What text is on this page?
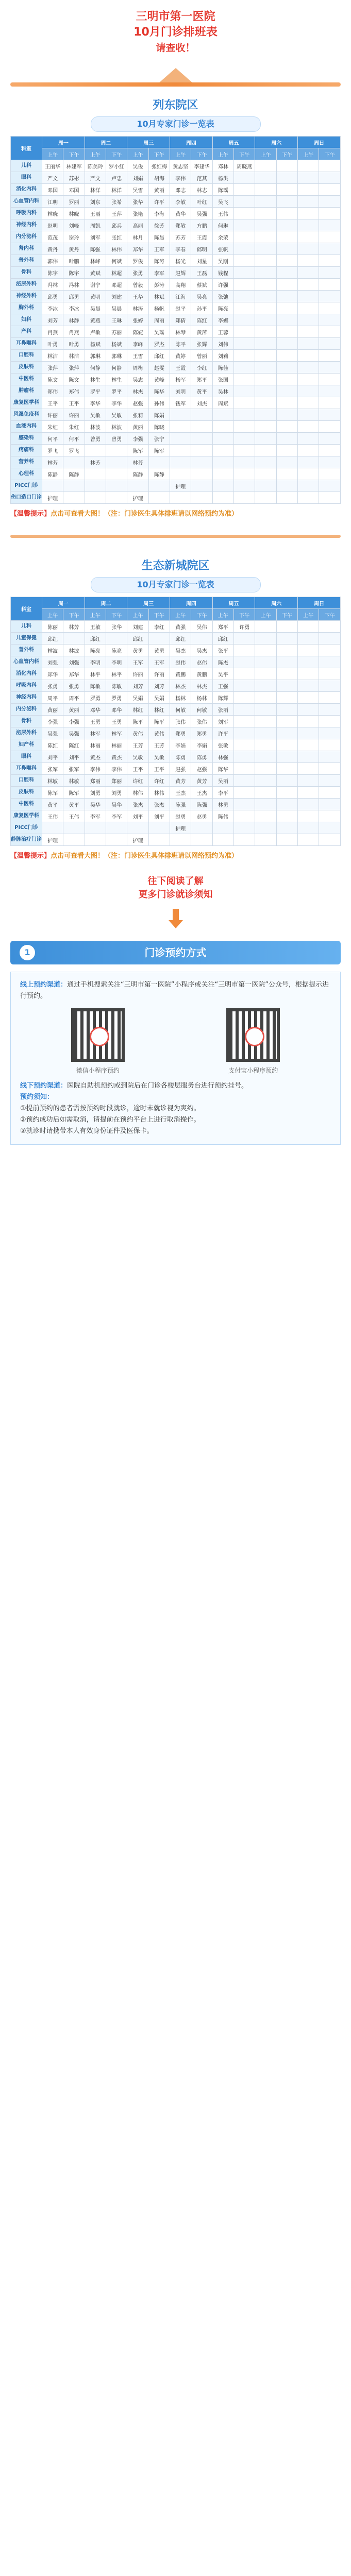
三明市第一医院
10月门诊排班表
请查收！
列东院区
10月专家门诊一览表
科室	周一		周二		周三		周四		周五		周六		周日	
	上午	下午	上午	下午	上午	下午	上午	下午	上午	下午	上午	下午	上午	下午
儿科	王丽华	林建军	陈美玲	罗小红	吴俊	张红梅	黄志坚	李建华	邓林	周晓燕				
眼科	严文	苏彬	严文	卢忠	刘娟	胡海	李伟	范其	杨洪					
消化内科	邓国	邓国	林洋	林洋	吴雪	黄丽	邓志	林志	陈瑶					
心血管内科	江明	罗丽	刘东	张希	张华	许平	李敏	叶红	吴飞					
呼吸内科	林晓	林晓	王丽	王萍	张艳	李海	黄华	吴强	王伟					
神经内科	赵明	刘峰	周凯	邱兵	高丽	徐芳	郑敏	方鹏	何琳					
内分泌科	范茂	谢玲	刘军	张红	林月	陈晨	苏芳	王霞	余荣					
肾内科	黄丹	黄丹	陈强	林伟	郑华	王军	李春	邱明	张帆					
普外科	郭伟	叶鹏	林峰	何斌	罗俊	陈涛	杨光	刘星	吴刚					
骨科	陈宇	陈宇	黄斌	林超	张勇	李军	赵辉	王磊	钱程					
泌尿外科	冯林	冯林	谢宁	邓超	曾毅	彭涛	高翔	蔡斌	许强					
神经外科	邱勇	邱勇	黄明	刘建	王华	林斌	江海	吴亮	张弛					
胸外科	李冰	李冰	吴晨	吴晨	林涛	杨帆	赵平	孙平	陈亮					
妇科	刘芳	林静	黄燕	王琳	张婷	周丽	郑倩	陈红	李娜					
产科	肖燕	肖燕	卢敏	苏丽	陈婕	吴瑶	林琴	黄萍	王蓉					
耳鼻喉科	叶勇	叶勇	杨斌	杨斌	李峰	罗杰	陈平	张辉	刘伟					
口腔科	林洁	林洁	郭琳	郭琳	王雪	邱红	黄婷	曾丽	刘莉					
皮肤科	张萍	张萍	何静	何静	周梅	赵雯	王霞	李红	陈佳					
中医科	陈文	陈文	林生	林生	吴志	黄峰	杨军	郑平	张国					
肿瘤科	郑伟	郑伟	罗平	罗平	林杰	陈华	刘明	黄平	吴林					
康复医学科	王平	王平	李华	李华	赵强	孙伟	钱军	刘杰	周斌					
风湿免疫科	许丽	许丽	吴敏	吴敏	张莉	陈娟								
血液内科	朱红	朱红	林波	林波	黄丽	陈晓								
感染科	何平	何平	曾勇	曾勇	李强	张宁								
疼痛科	罗飞	罗飞			陈军	陈军								
营养科	林芳		林芳		林芳									
心理科	陈静	陈静			陈静	陈静								
PICC门诊							护理							
伤口造口门诊	护理				护理									
【温馨提示】点击可查看大图！（注：门诊医生具体排班请以网络预约为准）
生态新城院区
10月专家门诊一览表
科室	周一		周二		周三		周四		周五		周六		周日	
	上午	下午	上午	下午	上午	下午	上午	下午	上午	下午	上午	下午	上午	下午
儿科	陈丽	林芳	王敏	张华	刘建	李红	黄强	吴伟	郑平	许勇				
儿童保健	邱红		邱红		邱红		邱红		邱红					
普外科	林波	林波	陈亮	陈亮	黄勇	黄勇	吴杰	吴杰	张平					
心血管内科	刘强	刘强	李明	李明	王军	王军	赵伟	赵伟	陈杰					
消化内科	郑华	郑华	林平	林平	许丽	许丽	黄鹏	黄鹏	吴平					
呼吸内科	张勇	张勇	陈敏	陈敏	刘芳	刘芳	林杰	林杰	王强					
神经内科	周平	周平	罗勇	罗勇	吴娟	吴娟	杨林	杨林	陈辉					
内分泌科	黄丽	黄丽	邓华	邓华	林红	林红	何敏	何敏	张丽					
骨科	李强	李强	王勇	王勇	陈平	陈平	张伟	张伟	刘军					
泌尿外科	吴强	吴强	林军	林军	黄伟	黄伟	郑勇	郑勇	许平					
妇产科	陈红	陈红	林丽	林丽	王芳	王芳	李娟	李娟	张敏					
眼科	刘平	刘平	黄杰	黄杰	吴敏	吴敏	陈勇	陈勇	林强					
耳鼻喉科	张军	张军	李伟	李伟	王平	王平	赵强	赵强	陈华					
口腔科	林敏	林敏	郑丽	郑丽	许红	许红	黄芳	黄芳	吴丽					
皮肤科	陈军	陈军	刘勇	刘勇	林伟	林伟	王杰	王杰	李平					
中医科	黄平	黄平	吴华	吴华	张杰	张杰	陈强	陈强	林勇					
康复医学科	王伟	王伟	李军	李军	刘平	刘平	赵勇	赵勇	陈伟					
PICC门诊							护理							
静脉治疗门诊	护理				护理									
【温馨提示】点击可查看大图！（注：门诊医生具体排班请以网络预约为准）
往下阅读了解
更多门诊就诊须知
1	门诊预约方式

线上预约渠道：通过手机搜索关注“三明市第一医院”小程序或关注“三明市第一医院”公众号，根据提示进行预约。

微信小程序预约	支付宝小程序预约

线下预约渠道：医院自助机预约或到院后在门诊各楼层服务台进行预约挂号。

预约须知：

①提前预约的患者需按预约时段就诊，逾时未就诊视为爽约。

②预约成功后如需取消，请提前在预约平台上进行取消操作。

③就诊时请携带本人有效身份证件及医保卡。
